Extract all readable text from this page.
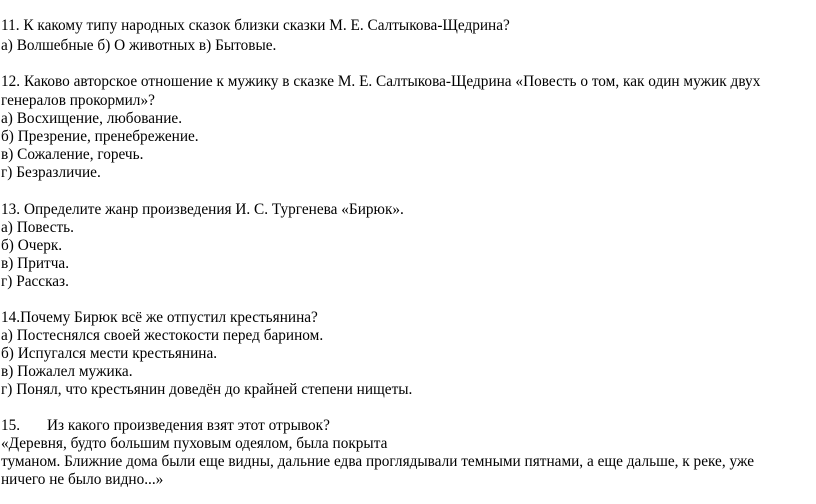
11. К какому типу народных сказок близки сказки М. Е. Салтыкова-Щедрина?
а) Волшебные б) О животных в) Бытовые.
12. Каково авторское отношение к мужику в сказке М. Е. Салтыкова-Щедрина «Повесть о том, как один мужик двух
генералов прокормил»?
а) Восхищение, любование.
б) Презрение, пренебрежение.
в) Сожаление, горечь.
г) Безразличие.
13. Определите жанр произведения И. С. Тургенева «Бирюк».
а) Повесть.
б) Очерк.
в) Притча.
г) Рассказ.
14.Почему Бирюк всё же отпустил крестьянина?
а) Постеснялся своей жестокости перед барином.
б) Испугался мести крестьянина.
в) Пожалел мужика.
г) Понял, что крестьянин доведён до крайней степени нищеты.
15. Из какого произведения взят этот отрывок?
«Деревня, будто большим пуховым одеялом, была покрыта
туманом. Ближние дома были еще видны, дальние едва проглядывали темными пятнами, а еще дальше, к реке, уже
ничего не было видно...»
